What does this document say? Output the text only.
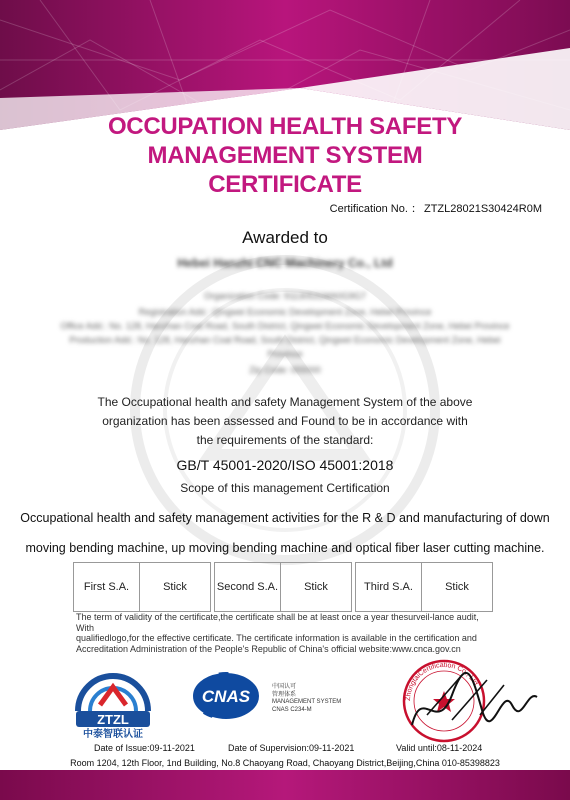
OCCUPATION HEALTH SAFETY
MANAGEMENT SYSTEM
CERTIFICATE
Certification No. ： ZTZL28021S30424R0M
Awarded to
Hebei Hanzhi CNC Machinery Co., Ltd
Organization Code: 91130531MA0G9G7
Registration Add.: Qingwei Economic Development Zone, Hebei Province
Office Add.: No. 128, Hanzhan Coal Road, South District, Qingwei Economic Development Zone, Hebei Province
Production Add.: No. 128, Hanzhan Coal Road, South District, Qingwei Economic Development Zone, Hebei
Province
Zip Code: 055000
The Occupational health and safety Management System of the above
organization has been assessed and Found to be in accordance with
the requirements of the standard:
GB/T 45001-2020/ISO 45001:2018
Scope of this management Certification
Occupational health and safety management activities for the R & D and manufacturing of down
moving bending machine, up moving bending machine and optical fiber laser cutting machine.
First S.A.	Stick	Second S.A.	Stick	Third S.A.	Stick
The term of validity of the certificate,the certificate shall be at least once a year thesurveil-lance audit, With
qualifiedlogo,for the effective certificate. The certificate information is available in the certification and
Accreditation Administration of the People's Republic of China's official website:www.cnca.gov.cn
ZTZL
中泰智联认证
CNAS	中国认可
管理体系
MANAGEMENT SYSTEM
CNAS C234-M
ZhongtaiCertification Co., Ltd
Date of Issue:09-11-2021	Date of Supervision:09-11-2021	Valid until:08-11-2024
Room 1204, 12th Floor, 1nd Building, No.8 Chaoyang Road, Chaoyang District,Beijing,China 010-85398823
